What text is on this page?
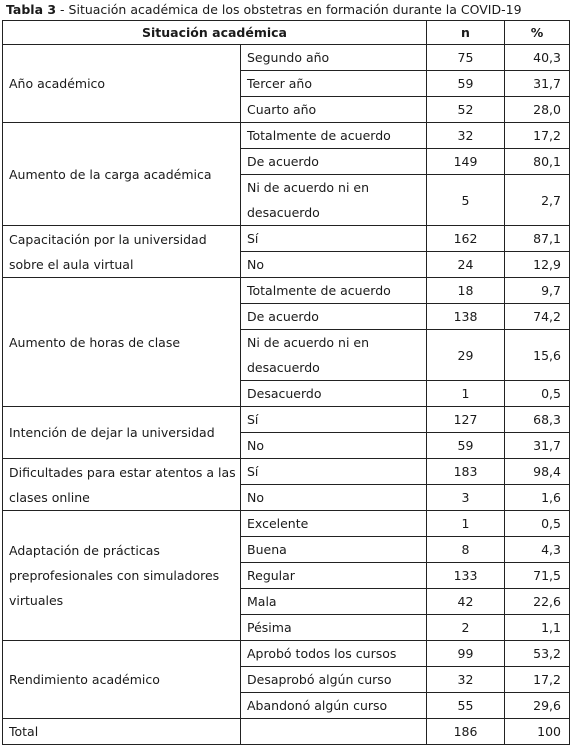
Tabla 3 - Situación académica de los obstetras en formación durante la COVID-19
Situación académica		n	%
Año académico	Segundo año	75	40,3
	Tercer año	59	31,7
	Cuarto año	52	28,0
Aumento de la carga académica	Totalmente de acuerdo	32	17,2
	De acuerdo	149	80,1
	Ni de acuerdo ni en desacuerdo	5	2,7
Capacitación por la universidad sobre el aula virtual	Sí	162	87,1
	No	24	12,9
Aumento de horas de clase	Totalmente de acuerdo	18	9,7
	De acuerdo	138	74,2
	Ni de acuerdo ni en desacuerdo	29	15,6
	Desacuerdo	1	0,5
Intención de dejar la universidad	Sí	127	68,3
	No	59	31,7
Dificultades para estar atentos a las clases online	Sí	183	98,4
	No	3	1,6
Adaptación de prácticas preprofesionales con simuladores virtuales	Excelente	1	0,5
	Buena	8	4,3
	Regular	133	71,5
	Mala	42	22,6
	Pésima	2	1,1
Rendimiento académico	Aprobó todos los cursos	99	53,2
	Desaprobó algún curso	32	17,2
	Abandonó algún curso	55	29,6
Total		186	100
